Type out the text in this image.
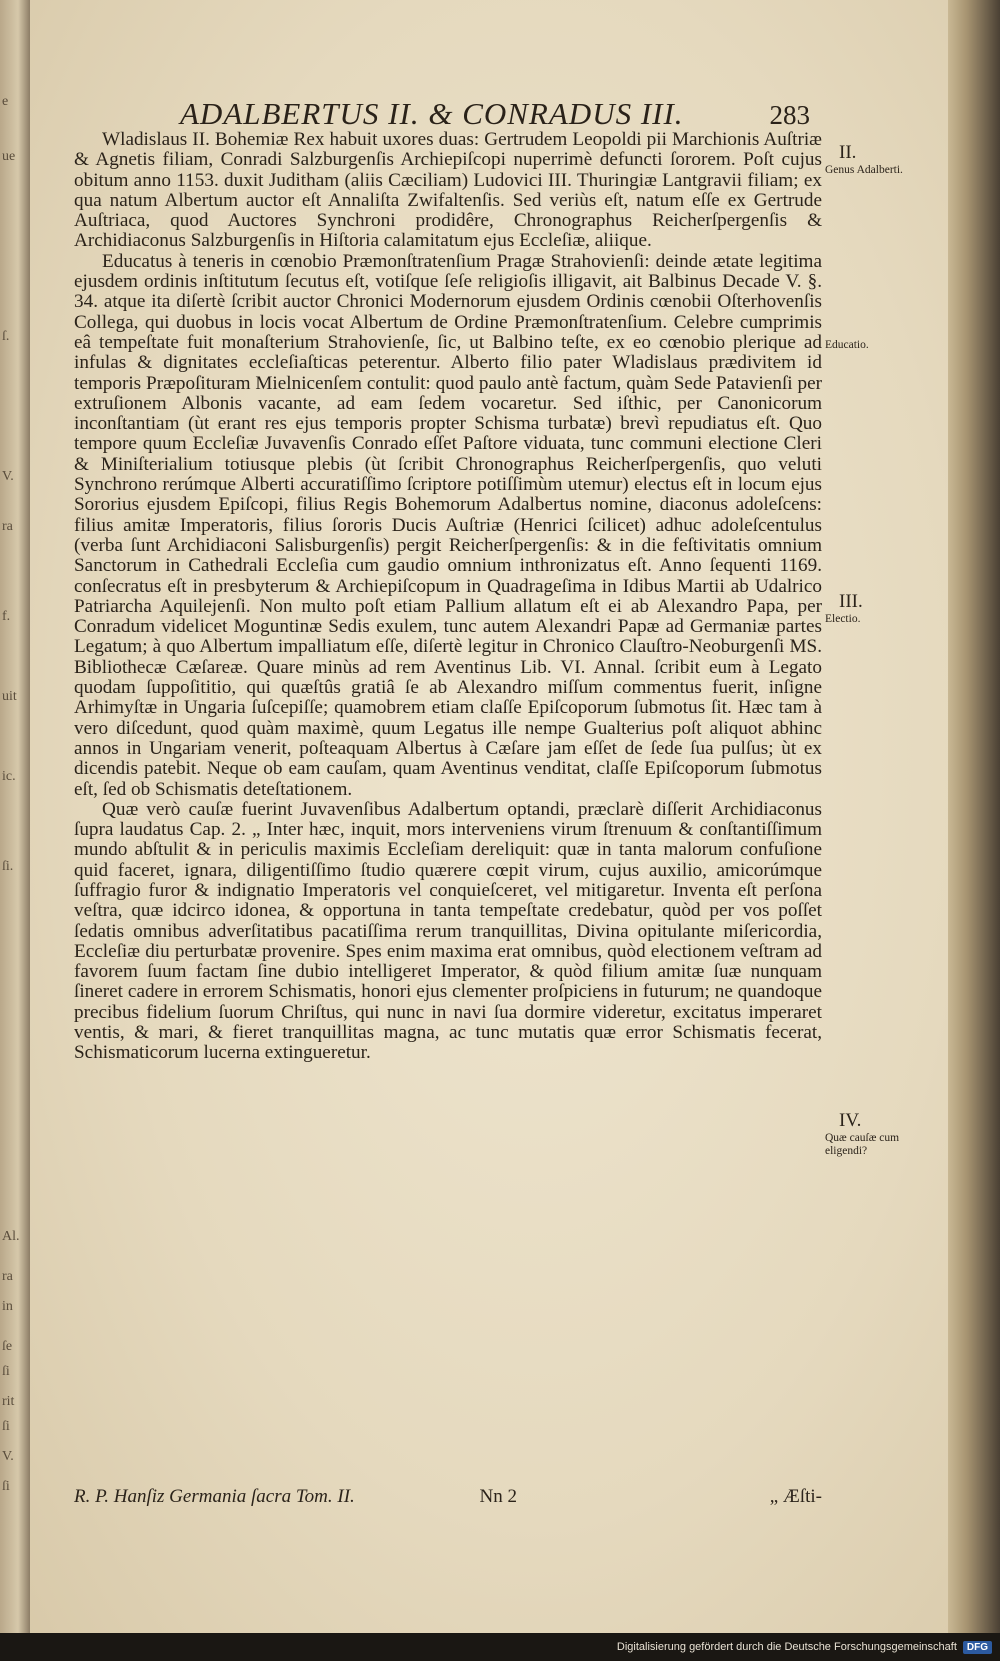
e
ue
ſ.
V.
ra
f.
uit
ic.
ſi.
Al.
ra
in
ſe
ſi
rit
ſi
V.
ſi
ADALBERTUS II. & CONRADUS III.	283

Wladislaus II. Bohemiæ Rex habuit uxores duas: Gertrudem Leopoldi pii Marchionis Auſtriæ & Agnetis filiam, Conradi Salzburgenſis Archiepiſcopi nuperrimè defuncti ſororem. Poſt cujus obitum anno 1153. duxit Juditham (aliis Cæciliam) Ludovici III. Thuringiæ Lantgravii filiam; ex qua natum Albertum auctor eſt Annaliſta Zwifaltenſis. Sed veriùs eſt, natum eſſe ex Gertrude Auſtriaca, quod Auctores Synchroni prodidêre, Chronographus Reicherſpergenſis & Archidiaconus Salzburgenſis in Hiſtoria calamitatum ejus Eccleſiæ, aliique.

Educatus à teneris in cœnobio Præmonſtratenſium Pragæ Strahovienſi: deinde ætate legitima ejusdem ordinis inſtitutum ſecutus eſt, votiſque ſeſe religioſis illigavit, ait Balbinus Decade V. §. 34. atque ita diſertè ſcribit auctor Chronici Modernorum ejusdem Ordinis cœnobii Oſterhovenſis Collega, qui duobus in locis vocat Albertum de Ordine Præmonſtratenſium. Celebre cumprimis eâ tempeſtate fuit monaſterium Strahovienſe, ſic, ut Balbino teſte, ex eo cœnobio plerique ad infulas & dignitates eccleſiaſticas peterentur. Alberto filio pater Wladislaus prædivitem id temporis Præpoſituram Mielnicenſem contulit: quod paulo antè factum, quàm Sede Patavienſi per extruſionem Albonis vacante, ad eam ſedem vocaretur. Sed iſthic, per Canonicorum inconſtantiam (ùt erant res ejus temporis propter Schisma turbatæ) brevì repudiatus eſt. Quo tempore quum Eccleſiæ Juvavenſis Conrado eſſet Paſtore viduata, tunc communi electione Cleri & Miniſterialium totiusque plebis (ùt ſcribit Chronographus Reicherſpergenſis, quo veluti Synchrono rerúmque Alberti accuratiſſimo ſcriptore potiſſimùm utemur) electus eſt in locum ejus Sororius ejusdem Epiſcopi, filius Regis Bohemorum Adalbertus nomine, diaconus adoleſcens: filius amitæ Imperatoris, filius ſororis Ducis Auſtriæ (Henrici ſcilicet) adhuc adoleſcentulus (verba ſunt Archidiaconi Salisburgenſis) pergit Reicherſpergenſis: & in die feſtivitatis omnium Sanctorum in Cathedrali Eccleſia cum gaudio omnium inthronizatus eſt. Anno ſequenti 1169. conſecratus eſt in presbyterum & Archiepiſcopum in Quadrageſima in Idibus Martii ab Udalrico Patriarcha Aquilejenſi. Non multo poſt etiam Pallium allatum eſt ei ab Alexandro Papa, per Conradum videlicet Moguntinæ Sedis exulem, tunc autem Alexandri Papæ ad Germaniæ partes Legatum; à quo Albertum impalliatum eſſe, diſertè legitur in Chronico Clauſtro-Neoburgenſi MS. Bibliothecæ Cæſareæ. Quare minùs ad rem Aventinus Lib. VI. Annal. ſcribit eum à Legato quodam ſuppoſititio, qui quæſtûs gratiâ ſe ab Alexandro miſſum commentus fuerit, inſigne Arhimyſtæ in Ungaria ſuſcepiſſe; quamobrem etiam claſſe Epiſcoporum ſubmotus ſit. Hæc tam à vero diſcedunt, quod quàm maximè, quum Legatus ille nempe Gualterius poſt aliquot abhinc annos in Ungariam venerit, poſteaquam Albertus à Cæſare jam eſſet de ſede ſua pulſus; ùt ex dicendis patebit. Neque ob eam cauſam, quam Aventinus venditat, claſſe Epiſcoporum ſubmotus eſt, ſed ob Schismatis deteſtationem.

Quæ verò cauſæ fuerint Juvavenſibus Adalbertum optandi, præclarè diſſerit Archidiaconus ſupra laudatus Cap. 2. „ Inter hæc, inquit, mors interveniens virum ſtrenuum & conſtantiſſimum mundo abſtulit & in periculis maximis Eccleſiam dereliquit: quæ in tanta malorum confuſione quid faceret, ignara, diligentiſſimo ſtudio quærere cœpit virum, cujus auxilio, amicorúmque ſuffragio furor & indignatio Imperatoris vel conquieſceret, vel mitigaretur. Inventa eſt perſona veſtra, quæ idcirco idonea, & opportuna in tanta tempeſtate credebatur, quòd per vos poſſet ſedatis omnibus adverſitatibus pacatiſſima rerum tranquillitas, Divina opitulante miſericordia, Eccleſiæ diu perturbatæ provenire. Spes enim maxima erat omnibus, quòd electionem veſtram ad favorem ſuum factam ſine dubio intelligeret Imperator, & quòd filium amitæ ſuæ nunquam ſineret cadere in errorem Schismatis, honori ejus clementer proſpiciens in futurum; ne quandoque precibus fidelium ſuorum Chriſtus, qui nunc in navi ſua dormire videretur, excitatus imperaret ventis, & mari, & fieret tranquillitas magna, ac tunc mutatis quæ error Schismatis fecerat, Schismaticorum lucerna extingueretur.

II.
Genus Adalberti.
Educatio.
III.
Electio.
IV.
Quæ cauſæ cum eligendi?
R. P. Hanſiz Germania ſacra Tom. II.	Nn 2	„ Æſti-
Digitalisierung gefördert durch die Deutsche Forschungsgemeinschaft	DFG
